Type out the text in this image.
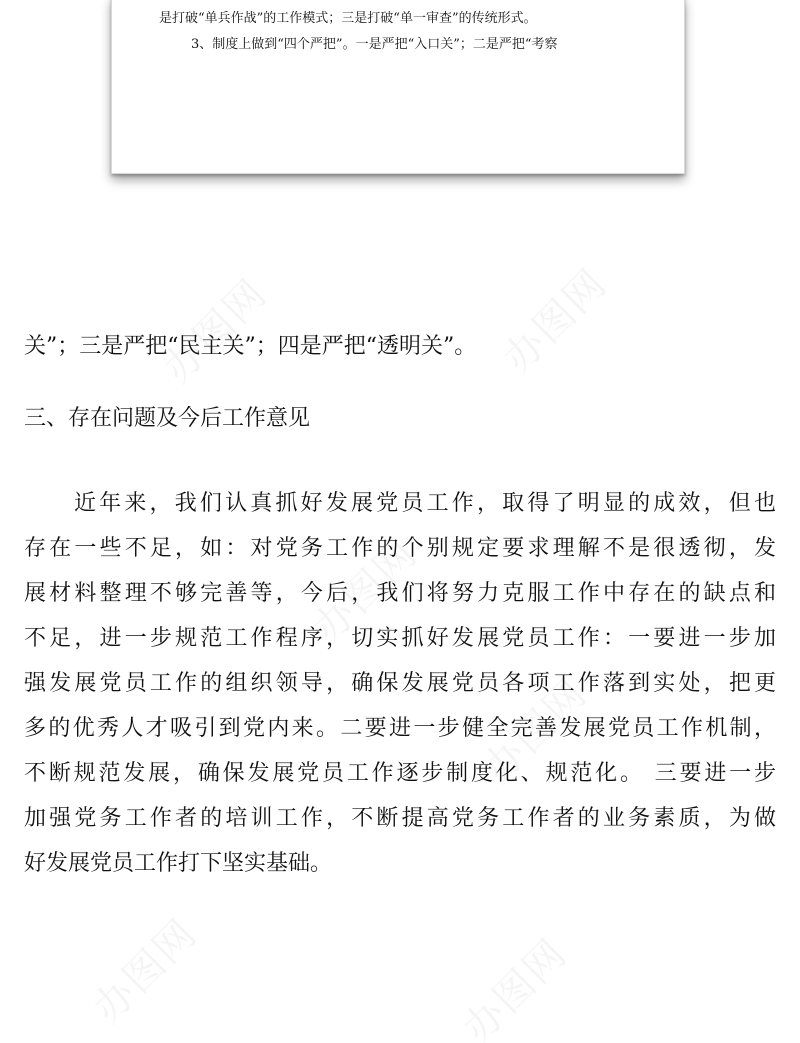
是打破“单兵作战”的工作模式；三是打破“单一审查”的传统形式。
3、制度上做到“四个严把”。一是严把“入口关”；二是严把“考察
关”；三是严把“民主关”；四是严把“透明关”。
三、存在问题及今后工作意见
近年来，我们认真抓好发展党员工作，取得了明显的成效，但也
存在一些不足，如：对党务工作的个别规定要求理解不是很透彻，发
展材料整理不够完善等，今后，我们将努力克服工作中存在的缺点和
不足，进一步规范工作程序，切实抓好发展党员工作：一要进一步加
强发展党员工作的组织领导，确保发展党员各项工作落到实处，把更
多的优秀人才吸引到党内来。二要进一步健全完善发展党员工作机制，
不断规范发展，确保发展党员工作逐步制度化、规范化。 三要进一步
加强党务工作者的培训工作，不断提高党务工作者的业务素质，为做
好发展党员工作打下坚实基础。
